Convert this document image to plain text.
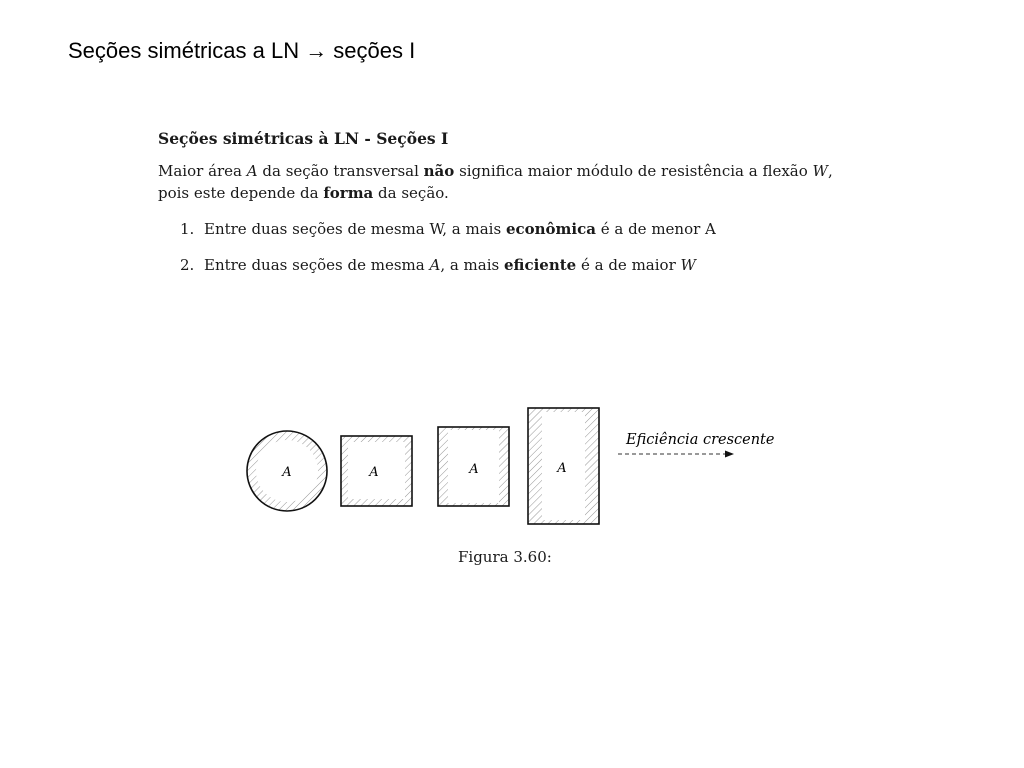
Seções simétricas a LN → seções I
Seções simétricas à LN - Seções I

Maior área A da seção transversal não significa maior módulo de resistência a flexão W,
pois este depende da forma da seção.

1. Entre duas seções de mesma W, a mais econômica é a de menor A
2. Entre duas seções de mesma A, a mais eficiente é a de maior W
A	A	A	A
Eficiência crescente
Figura 3.60:
